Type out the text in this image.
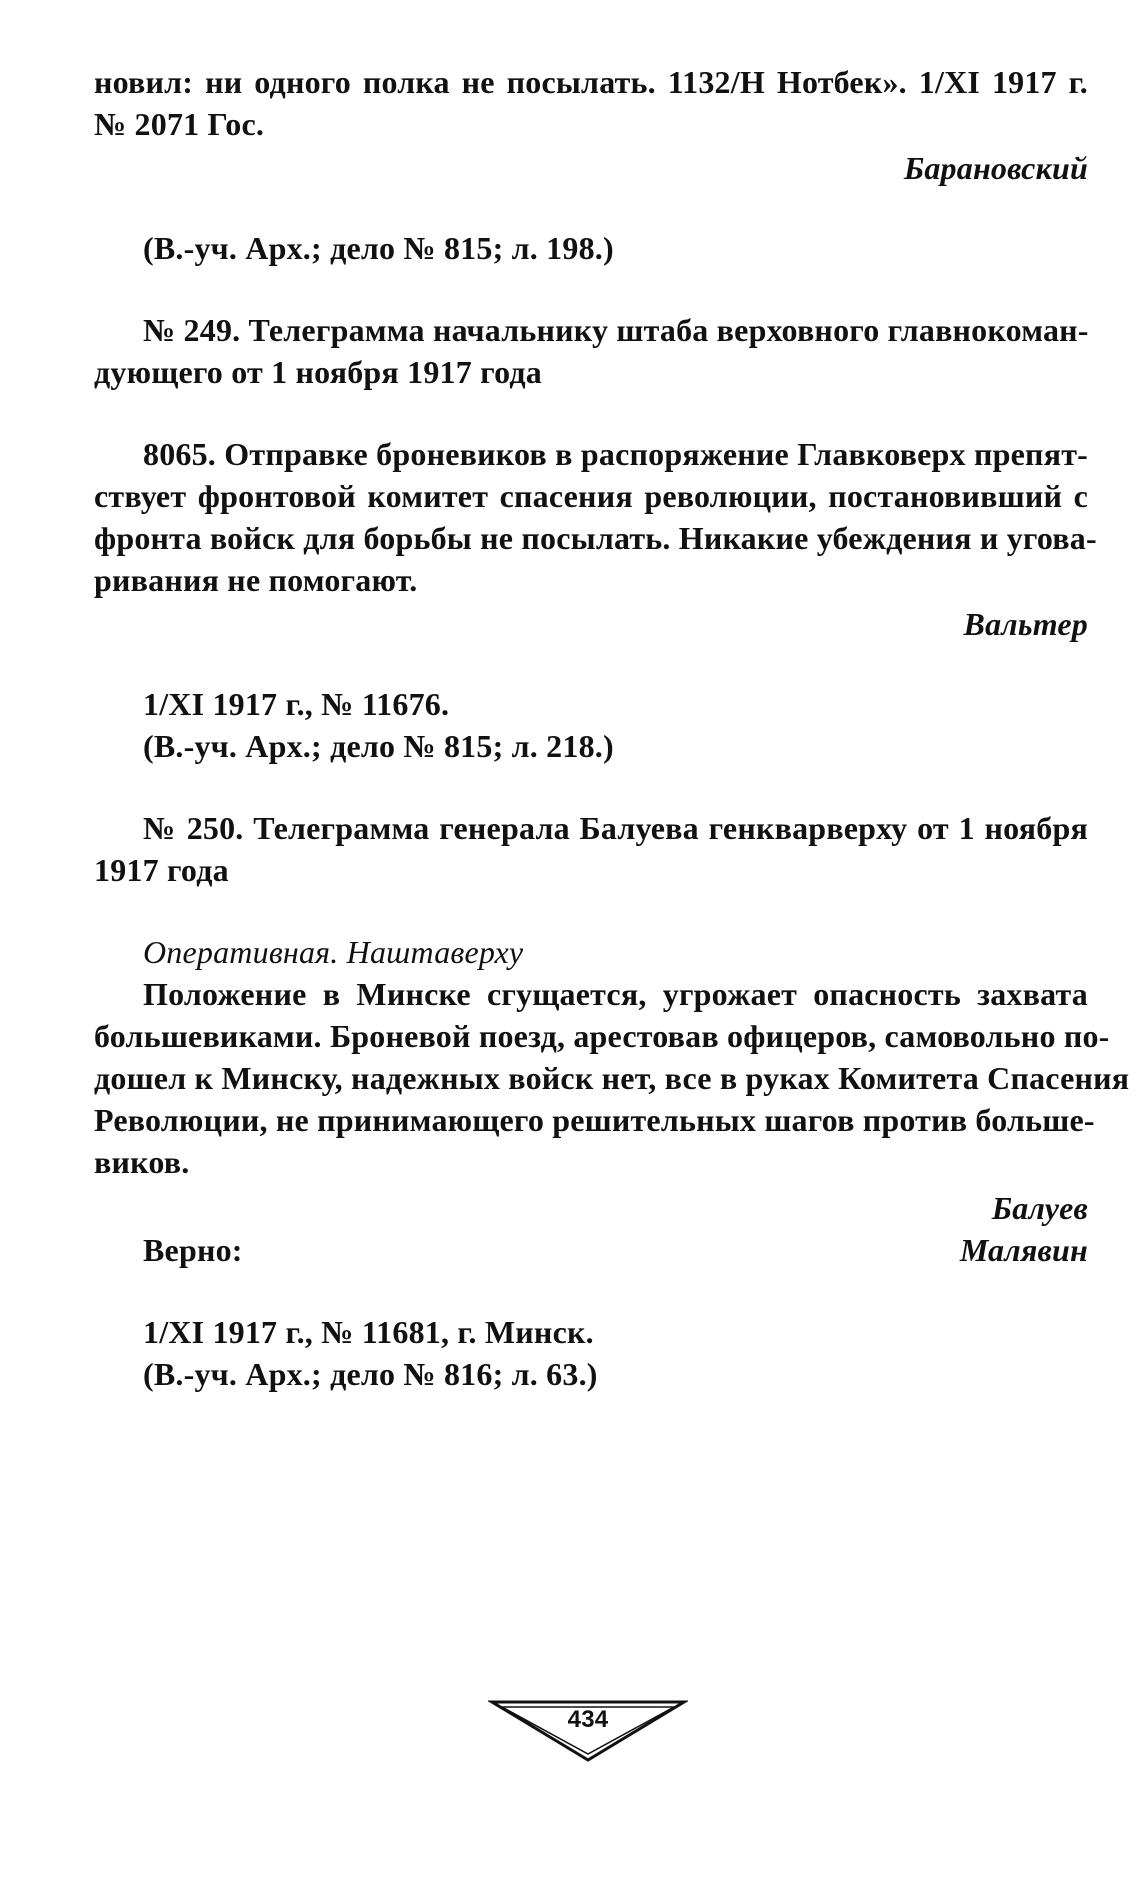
новил: ни одного полка не посылать. 1132/Н Нотбек». 1/XI 1917 г.
№ 2071 Гос.
Барановский
(В.-уч. Арх.; дело № 815; л. 198.)
№ 249. Телеграмма начальнику штаба верховного главнокоман-
дующего от 1 ноября 1917 года
8065. Отправке броневиков в распоряжение Главковерх препят-
ствует фронтовой комитет спасения революции, постановивший с
фронта войск для борьбы не посылать. Никакие убеждения и угова-
ривания не помогают.
Вальтер
1/XI 1917 г., № 11676.
(В.-уч. Арх.; дело № 815; л. 218.)
№ 250. Телеграмма генерала Балуева генкварверху от 1 ноября
1917 года
Оперативная. Наштаверху
Положение в Минске сгущается, угрожает опасность захвата
большевиками. Броневой поезд, арестовав офицеров, самовольно по-
дошел к Минску, надежных войск нет, все в руках Комитета Спасения
Революции, не принимающего решительных шагов против больше-
виков.
Балуев
Верно:	Малявин
1/XI 1917 г., № 11681, г. Минск.
(В.-уч. Арх.; дело № 816; л. 63.)
434
